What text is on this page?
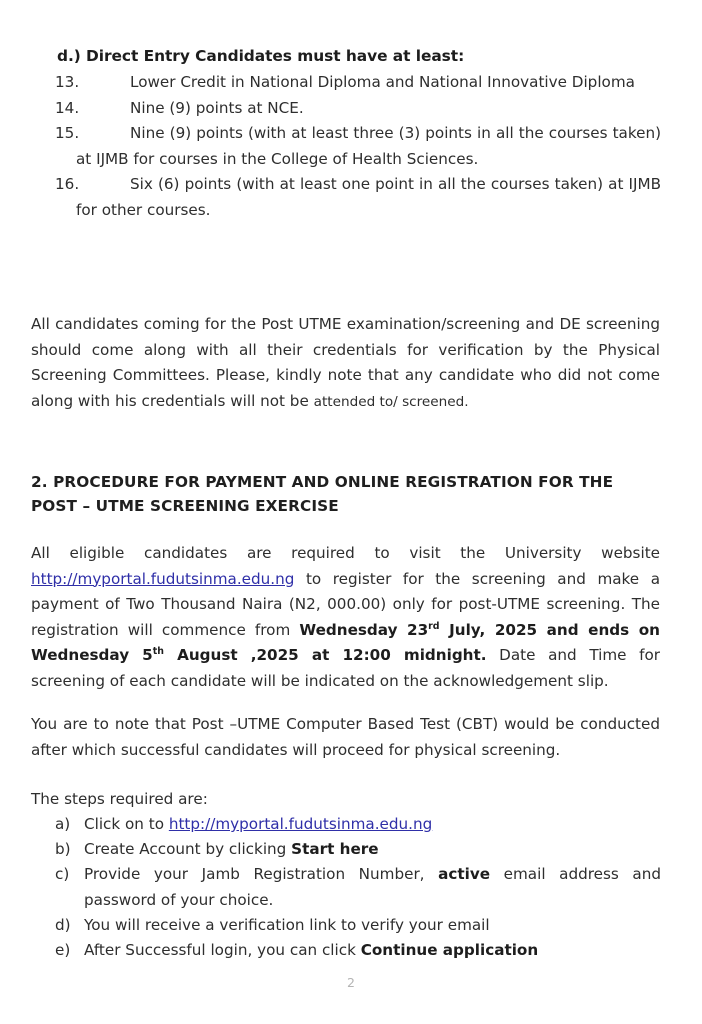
d.) Direct Entry Candidates must have at least:
13.	Lower Credit in National Diploma and National Innovative Diploma
14.	Nine (9) points at NCE.
15.	Nine (9) points (with at least three (3) points in all the courses taken) at IJMB for courses in the College of Health Sciences.
16.	Six (6) points (with at least one point in all the courses taken) at IJMB for other courses.

All candidates coming for the Post UTME examination/screening and DE screening should come along with all their credentials for verification by the Physical Screening Committees. Please, kindly note that any candidate who did not come along with his credentials will not be attended to/ screened.

2. PROCEDURE FOR PAYMENT AND ONLINE REGISTRATION FOR THE POST – UTME SCREENING EXERCISE

All eligible candidates are required to visit the University website http://myportal.fudutsinma.edu.ng to register for the screening and make a payment of Two Thousand Naira (N2, 000.00) only for post-UTME screening. The registration will commence from Wednesday 23rd July, 2025 and ends on Wednesday 5th August ,2025 at 12:00 midnight. Date and Time for screening of each candidate will be indicated on the acknowledgement slip.

You are to note that Post –UTME Computer Based Test (CBT) would be conducted after which successful candidates will proceed for physical screening.

The steps required are:

a) Click on to http://myportal.fudutsinma.edu.ng
b) Create Account by clicking Start here
c) Provide your Jamb Registration Number, active email address and password of your choice.
d) You will receive a verification link to verify your email
e) After Successful login, you can click Continue application
2
